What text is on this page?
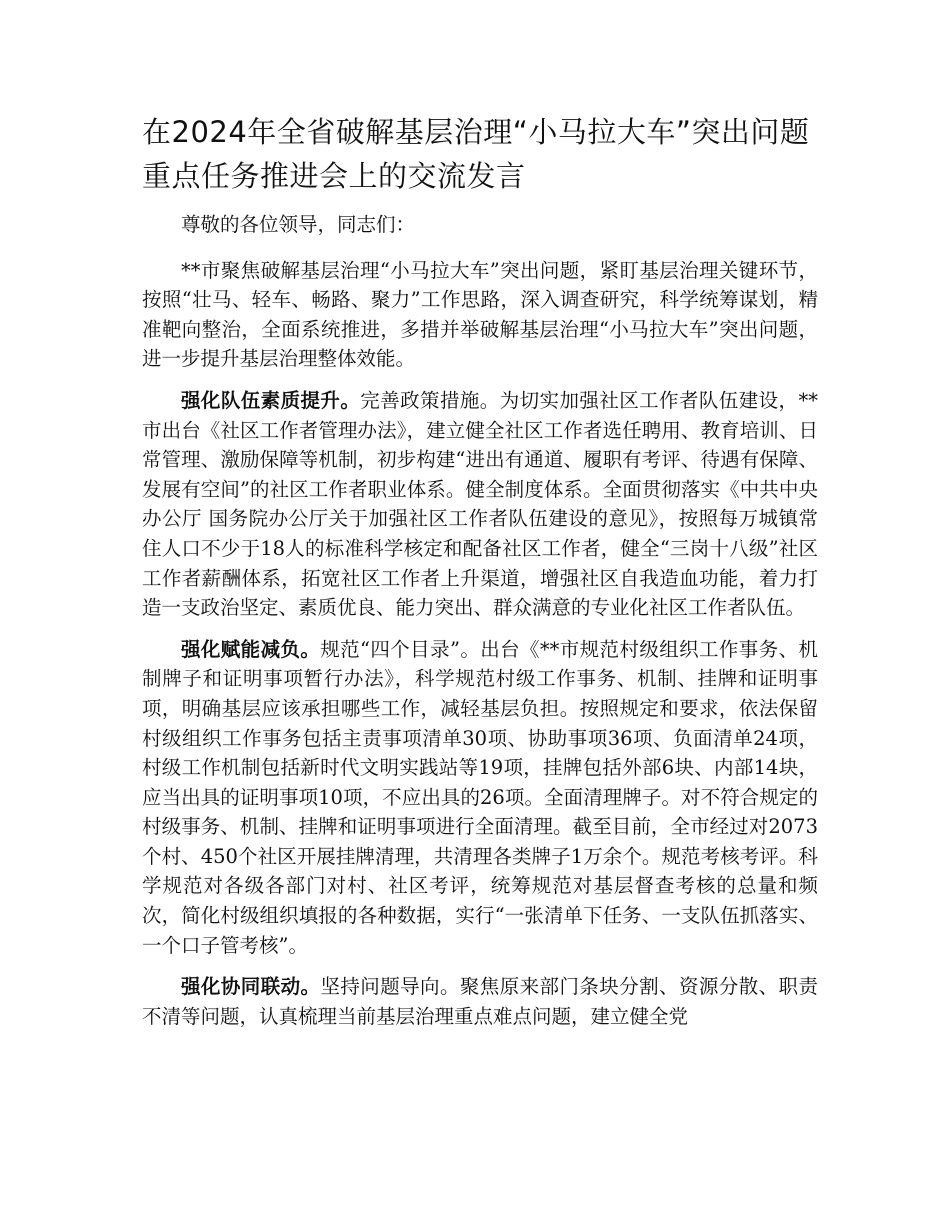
在2024年全省破解基层治理“小马拉大车”突出问题重点任务推进会上的交流发言

尊敬的各位领导，同志们：

**市聚焦破解基层治理“小马拉大车”突出问题，紧盯基层治理关键环节，按照“壮马、轻车、畅路、聚力”工作思路，深入调查研究，科学统筹谋划，精准靶向整治，全面系统推进，多措并举破解基层治理“小马拉大车”突出问题，进一步提升基层治理整体效能。

强化队伍素质提升。完善政策措施。为切实加强社区工作者队伍建设，**市出台《社区工作者管理办法》，建立健全社区工作者选任聘用、教育培训、日常管理、激励保障等机制，初步构建“进出有通道、履职有考评、待遇有保障、发展有空间”的社区工作者职业体系。健全制度体系。全面贯彻落实《中共中央办公厅 国务院办公厅关于加强社区工作者队伍建设的意见》，按照每万城镇常住人口不少于18人的标准科学核定和配备社区工作者，健全“三岗十八级”社区工作者薪酬体系，拓宽社区工作者上升渠道，增强社区自我造血功能，着力打造一支政治坚定、素质优良、能力突出、群众满意的专业化社区工作者队伍。

强化赋能减负。规范“四个目录”。出台《**市规范村级组织工作事务、机制牌子和证明事项暂行办法》，科学规范村级工作事务、机制、挂牌和证明事项，明确基层应该承担哪些工作，减轻基层负担。按照规定和要求，依法保留村级组织工作事务包括主责事项清单30项、协助事项36项、负面清单24项，村级工作机制包括新时代文明实践站等19项，挂牌包括外部6块、内部14块，应当出具的证明事项10项，不应出具的26项。全面清理牌子。对不符合规定的村级事务、机制、挂牌和证明事项进行全面清理。截至目前，全市经过对2073个村、450个社区开展挂牌清理，共清理各类牌子1万余个。规范考核考评。科学规范对各级各部门对村、社区考评，统筹规范对基层督查考核的总量和频次，简化村级组织填报的各种数据，实行“一张清单下任务、一支队伍抓落实、一个口子管考核”。

强化协同联动。坚持问题导向。聚焦原来部门条块分割、资源分散、职责不清等问题，认真梳理当前基层治理重点难点问题，建立健全党
